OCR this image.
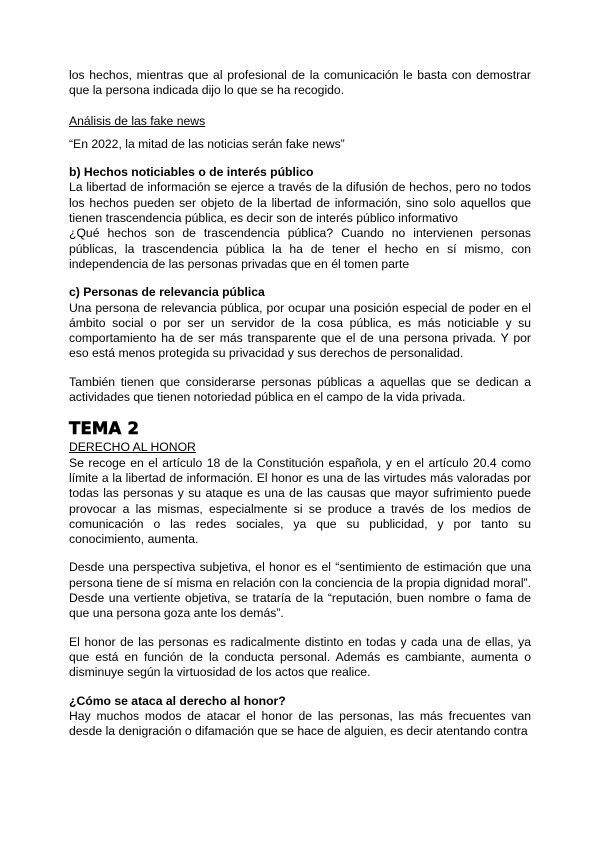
los hechos, mientras que al profesional de la comunicación le basta con demostrar que la persona indicada dijo lo que se ha recogido.

Análisis de las fake news

“En 2022, la mitad de las noticias serán fake news”

b) Hechos noticiables o de interés público

La libertad de información se ejerce a través de la difusión de hechos, pero no todos los hechos pueden ser objeto de la libertad de información, sino solo aquellos que tienen trascendencia pública, es decir son de interés público informativo

¿Qué hechos son de trascendencia pública? Cuando no intervienen personas públicas, la trascendencia pública la ha de tener el hecho en sí mismo, con independencia de las personas privadas que en él tomen parte

c) Personas de relevancia pública

Una persona de relevancia pública, por ocupar una posición especial de poder en el ámbito social o por ser un servidor de la cosa pública, es más noticiable y su comportamiento ha de ser más transparente que el de una persona privada. Y por eso está menos protegida su privacidad y sus derechos de personalidad.

También tienen que considerarse personas públicas a aquellas que se dedican a actividades que tienen notoriedad pública en el campo de la vida privada.

TEMA 2

DERECHO AL HONOR

Se recoge en el artículo 18 de la Constitución española, y en el artículo 20.4 como límite a la libertad de información. El honor es una de las virtudes más valoradas por todas las personas y su ataque es una de las causas que mayor sufrimiento puede provocar a las mismas, especialmente si se produce a través de los medios de comunicación o las redes sociales, ya que su publicidad, y por tanto su conocimiento, aumenta.

Desde una perspectiva subjetiva, el honor es el “sentimiento de estimación que una persona tiene de sí misma en relación con la conciencia de la propia dignidad moral”. Desde una vertiente objetiva, se trataría de la “reputación, buen nombre o fama de que una persona goza ante los demás”.

El honor de las personas es radicalmente distinto en todas y cada una de ellas, ya que está en función de la conducta personal. Además es cambiante, aumenta o disminuye según la virtuosidad de los actos que realice.

¿Cómo se ataca al derecho al honor?

Hay muchos modos de atacar el honor de las personas, las más frecuentes van desde la denigración o difamación que se hace de alguien, es decir atentando contra
